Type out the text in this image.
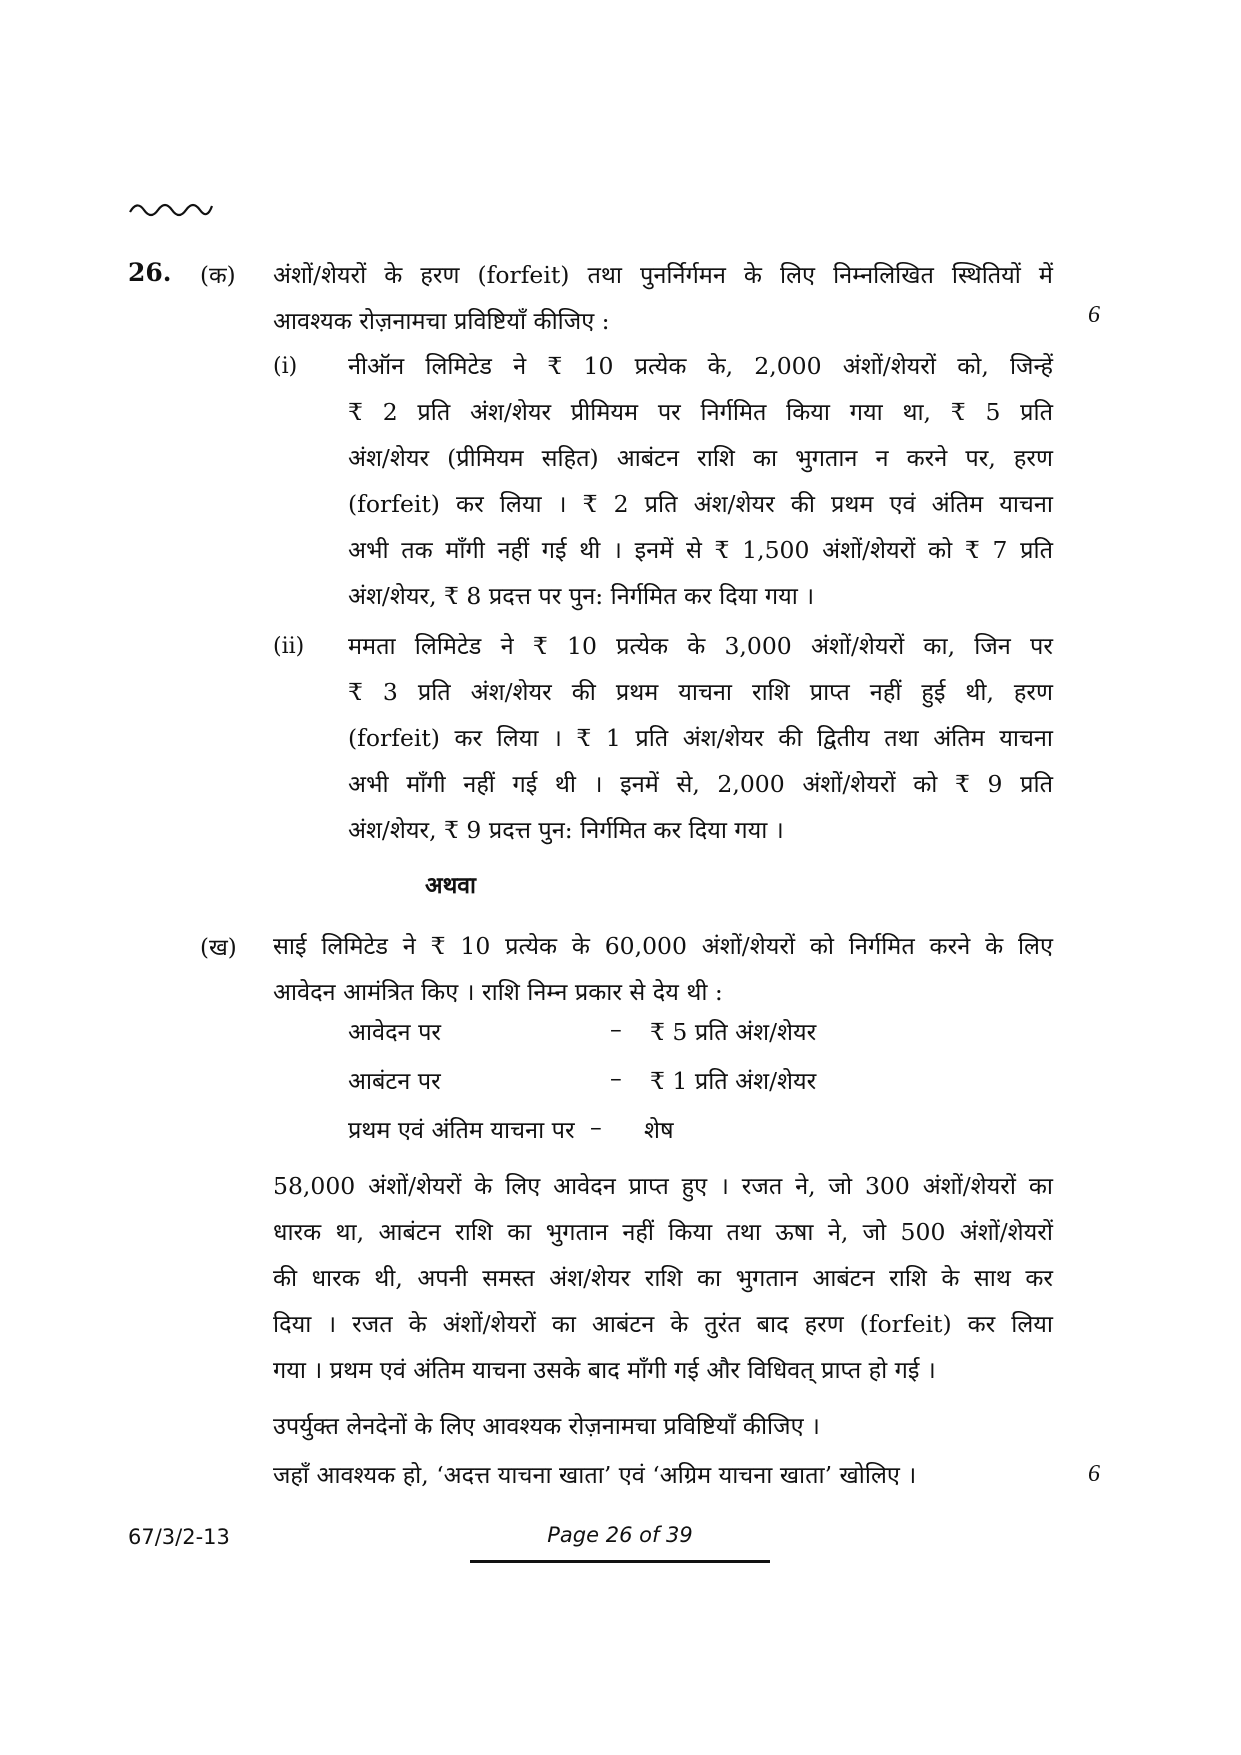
26. (क) अंशों/शेयरों के हरण (forfeit) तथा पुनर्निर्गमन के लिए निम्नलिखित स्थितियों में
आवश्यक रोज़नामचा प्रविष्टियाँ कीजिए :	6
(i) नीऑन लिमिटेड ने ₹ 10 प्रत्येक के, 2,000 अंशों/शेयरों को, जिन्हें
₹ 2 प्रति अंश/शेयर प्रीमियम पर निर्गमित किया गया था, ₹ 5 प्रति
अंश/शेयर (प्रीमियम सहित) आबंटन राशि का भुगतान न करने पर, हरण
(forfeit) कर लिया । ₹ 2 प्रति अंश/शेयर की प्रथम एवं अंतिम याचना
अभी तक माँगी नहीं गई थी । इनमें से ₹ 1,500 अंशों/शेयरों को ₹ 7 प्रति
अंश/शेयर, ₹ 8 प्रदत्त पर पुन: निर्गमित कर दिया गया ।
(ii) ममता लिमिटेड ने ₹ 10 प्रत्येक के 3,000 अंशों/शेयरों का, जिन पर
₹ 3 प्रति अंश/शेयर की प्रथम याचना राशि प्राप्त नहीं हुई थी, हरण
(forfeit) कर लिया । ₹ 1 प्रति अंश/शेयर की द्वितीय तथा अंतिम याचना
अभी माँगी नहीं गई थी । इनमें से, 2,000 अंशों/शेयरों को ₹ 9 प्रति
अंश/शेयर, ₹ 9 प्रदत्त पुन: निर्गमित कर दिया गया ।
अथवा
(ख) साई लिमिटेड ने ₹ 10 प्रत्येक के 60,000 अंशों/शेयरों को निर्गमित करने के लिए
आवेदन आमंत्रित किए । राशि निम्न प्रकार से देय थी :
आवेदन पर	– ₹ 5 प्रति अंश/शेयर
आबंटन पर	– ₹ 1 प्रति अंश/शेयर
प्रथम एवं अंतिम याचना पर – शेष
58,000 अंशों/शेयरों के लिए आवेदन प्राप्त हुए । रजत ने, जो 300 अंशों/शेयरों का
धारक था, आबंटन राशि का भुगतान नहीं किया तथा ऊषा ने, जो 500 अंशों/शेयरों
की धारक थी, अपनी समस्त अंश/शेयर राशि का भुगतान आबंटन राशि के साथ कर
दिया । रजत के अंशों/शेयरों का आबंटन के तुरंत बाद हरण (forfeit) कर लिया
गया । प्रथम एवं अंतिम याचना उसके बाद माँगी गई और विधिवत् प्राप्त हो गई ।
उपर्युक्त लेनदेनों के लिए आवश्यक रोज़नामचा प्रविष्टियाँ कीजिए ।
जहाँ आवश्यक हो, ‘अदत्त याचना खाता’ एवं ‘अग्रिम याचना खाता’ खोलिए ।	6
67/3/2-13	Page 26 of 39
